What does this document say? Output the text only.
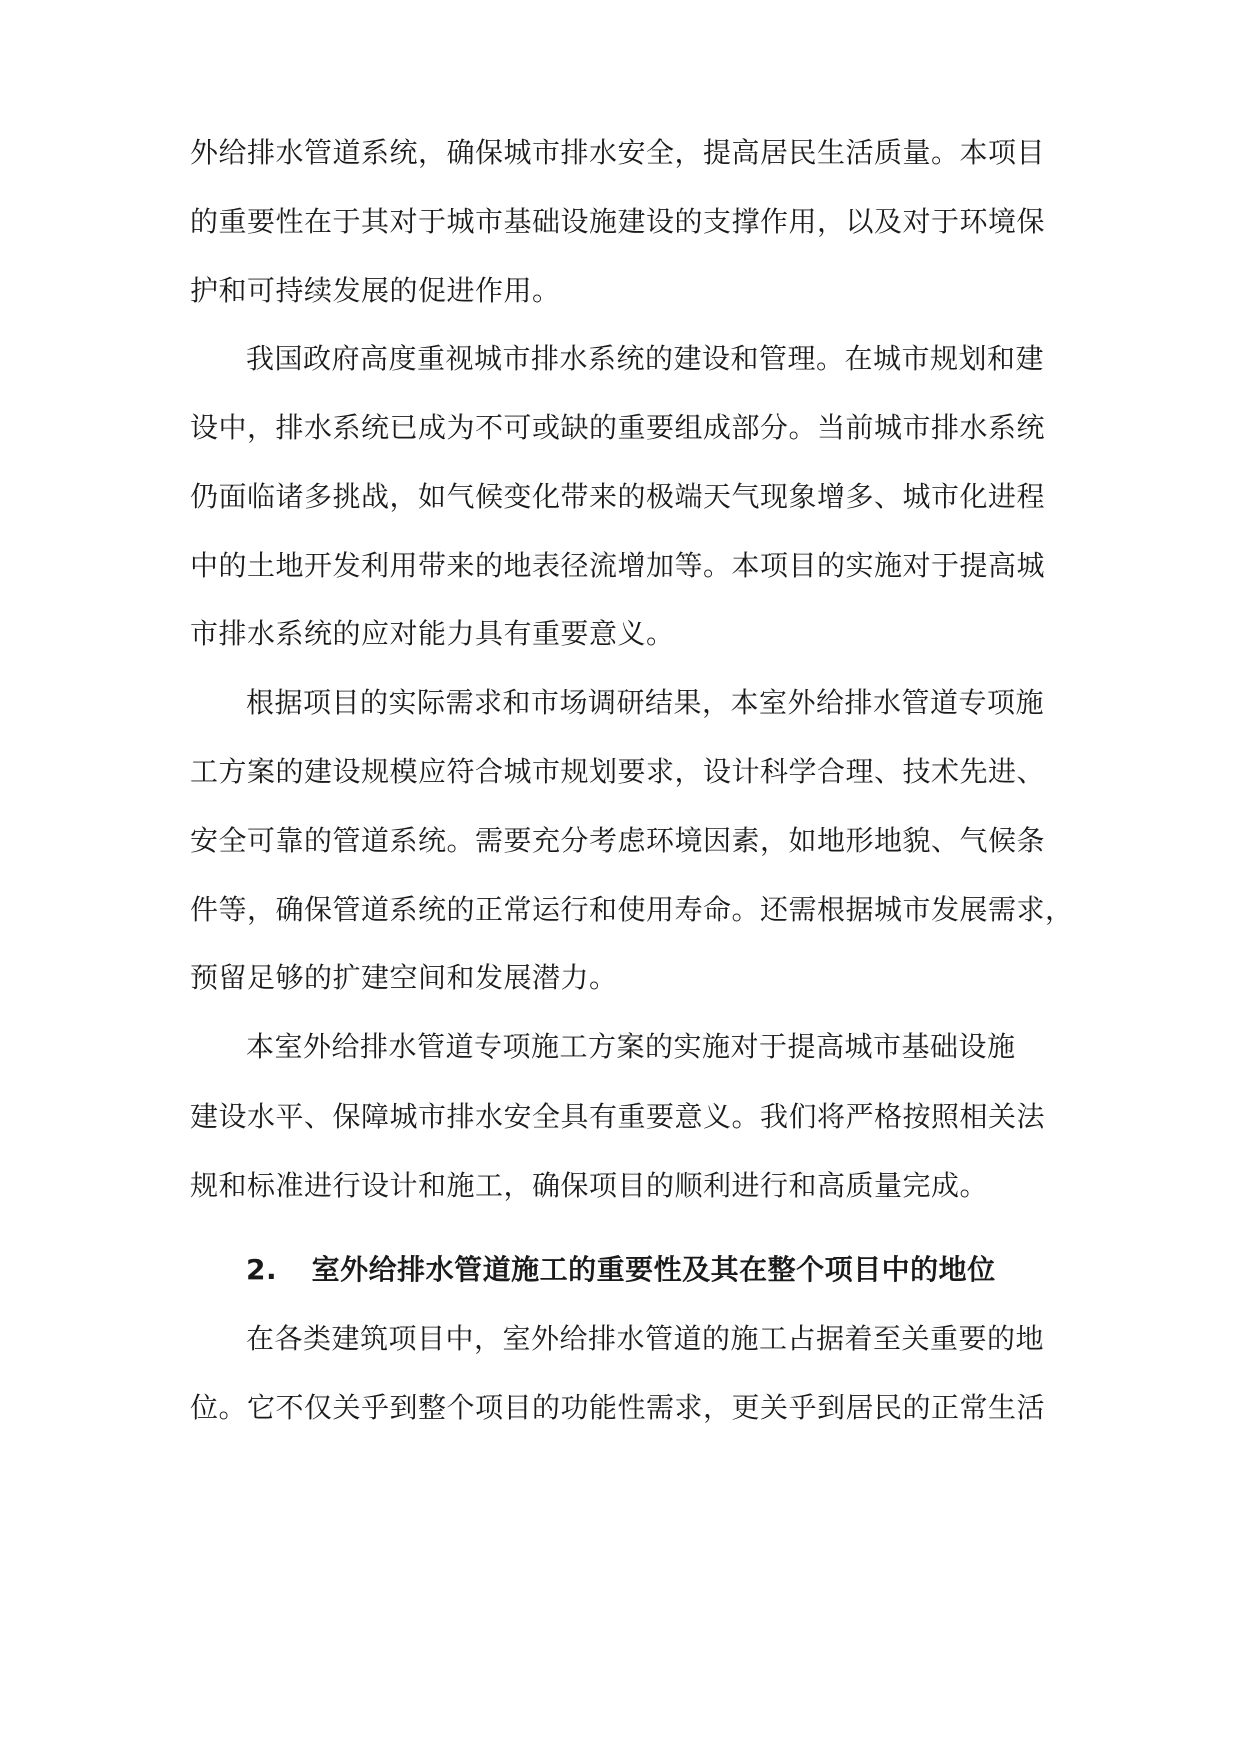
外给排水管道系统，确保城市排水安全，提高居民生活质量。本项目
的重要性在于其对于城市基础设施建设的支撑作用，以及对于环境保
护和可持续发展的促进作用。
我国政府高度重视城市排水系统的建设和管理。在城市规划和建
设中，排水系统已成为不可或缺的重要组成部分。当前城市排水系统
仍面临诸多挑战，如气候变化带来的极端天气现象增多、城市化进程
中的土地开发利用带来的地表径流增加等。本项目的实施对于提高城
市排水系统的应对能力具有重要意义。
根据项目的实际需求和市场调研结果，本室外给排水管道专项施
工方案的建设规模应符合城市规划要求，设计科学合理、技术先进、
安全可靠的管道系统。需要充分考虑环境因素，如地形地貌、气候条
件等，确保管道系统的正常运行和使用寿命。还需根据城市发展需求，
预留足够的扩建空间和发展潜力。
本室外给排水管道专项施工方案的实施对于提高城市基础设施
建设水平、保障城市排水安全具有重要意义。我们将严格按照相关法
规和标准进行设计和施工，确保项目的顺利进行和高质量完成。
2. 室外给排水管道施工的重要性及其在整个项目中的地位
在各类建筑项目中，室外给排水管道的施工占据着至关重要的地
位。它不仅关乎到整个项目的功能性需求，更关乎到居民的正常生活
